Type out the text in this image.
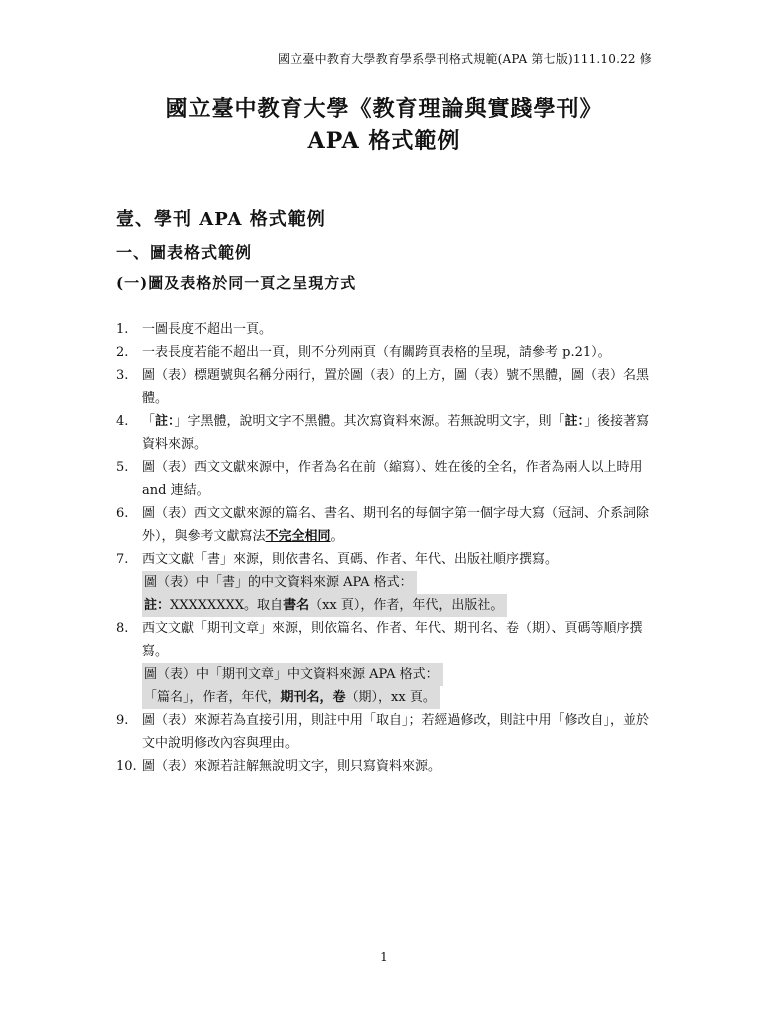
國立臺中教育大學教育學系學刊格式規範(APA 第七版)111.10.22 修
國立臺中教育大學《教育理論與實踐學刊》
APA 格式範例
壹、學刊 APA 格式範例
一、圖表格式範例
(一)圖及表格於同一頁之呈現方式
1. 一圖長度不超出一頁。
2. 一表長度若能不超出一頁，則不分列兩頁（有關跨頁表格的呈現，請參考 p.21）。
3. 圖（表）標題號與名稱分兩行，置於圖（表）的上方，圖（表）號不黑體，圖（表）名黑體。
4. 「註：」字黑體，說明文字不黑體。其次寫資料來源。若無說明文字，則「註：」後接著寫資料來源。
5. 圖（表）西文文獻來源中，作者為名在前（縮寫）、姓在後的全名，作者為兩人以上時用 and 連結。
6. 圖（表）西文文獻來源的篇名、書名、期刊名的每個字第一個字母大寫（冠詞、介系詞除外），與參考文獻寫法不完全相同。
7. 西文文獻「書」來源，則依書名、頁碼、作者、年代、出版社順序撰寫。
圖（表）中「書」的中文資料來源 APA 格式：
註：XXXXXXXX。取自書名（xx 頁），作者，年代，出版社。
8. 西文文獻「期刊文章」來源，則依篇名、作者、年代、期刊名、卷（期）、頁碼等順序撰寫。
圖（表）中「期刊文章」中文資料來源 APA 格式：
「篇名」，作者，年代，期刊名，卷（期），xx 頁。
9. 圖（表）來源若為直接引用，則註中用「取自」；若經過修改，則註中用「修改自」，並於文中說明修改內容與理由。
10. 圖（表）來源若註解無說明文字，則只寫資料來源。
1
